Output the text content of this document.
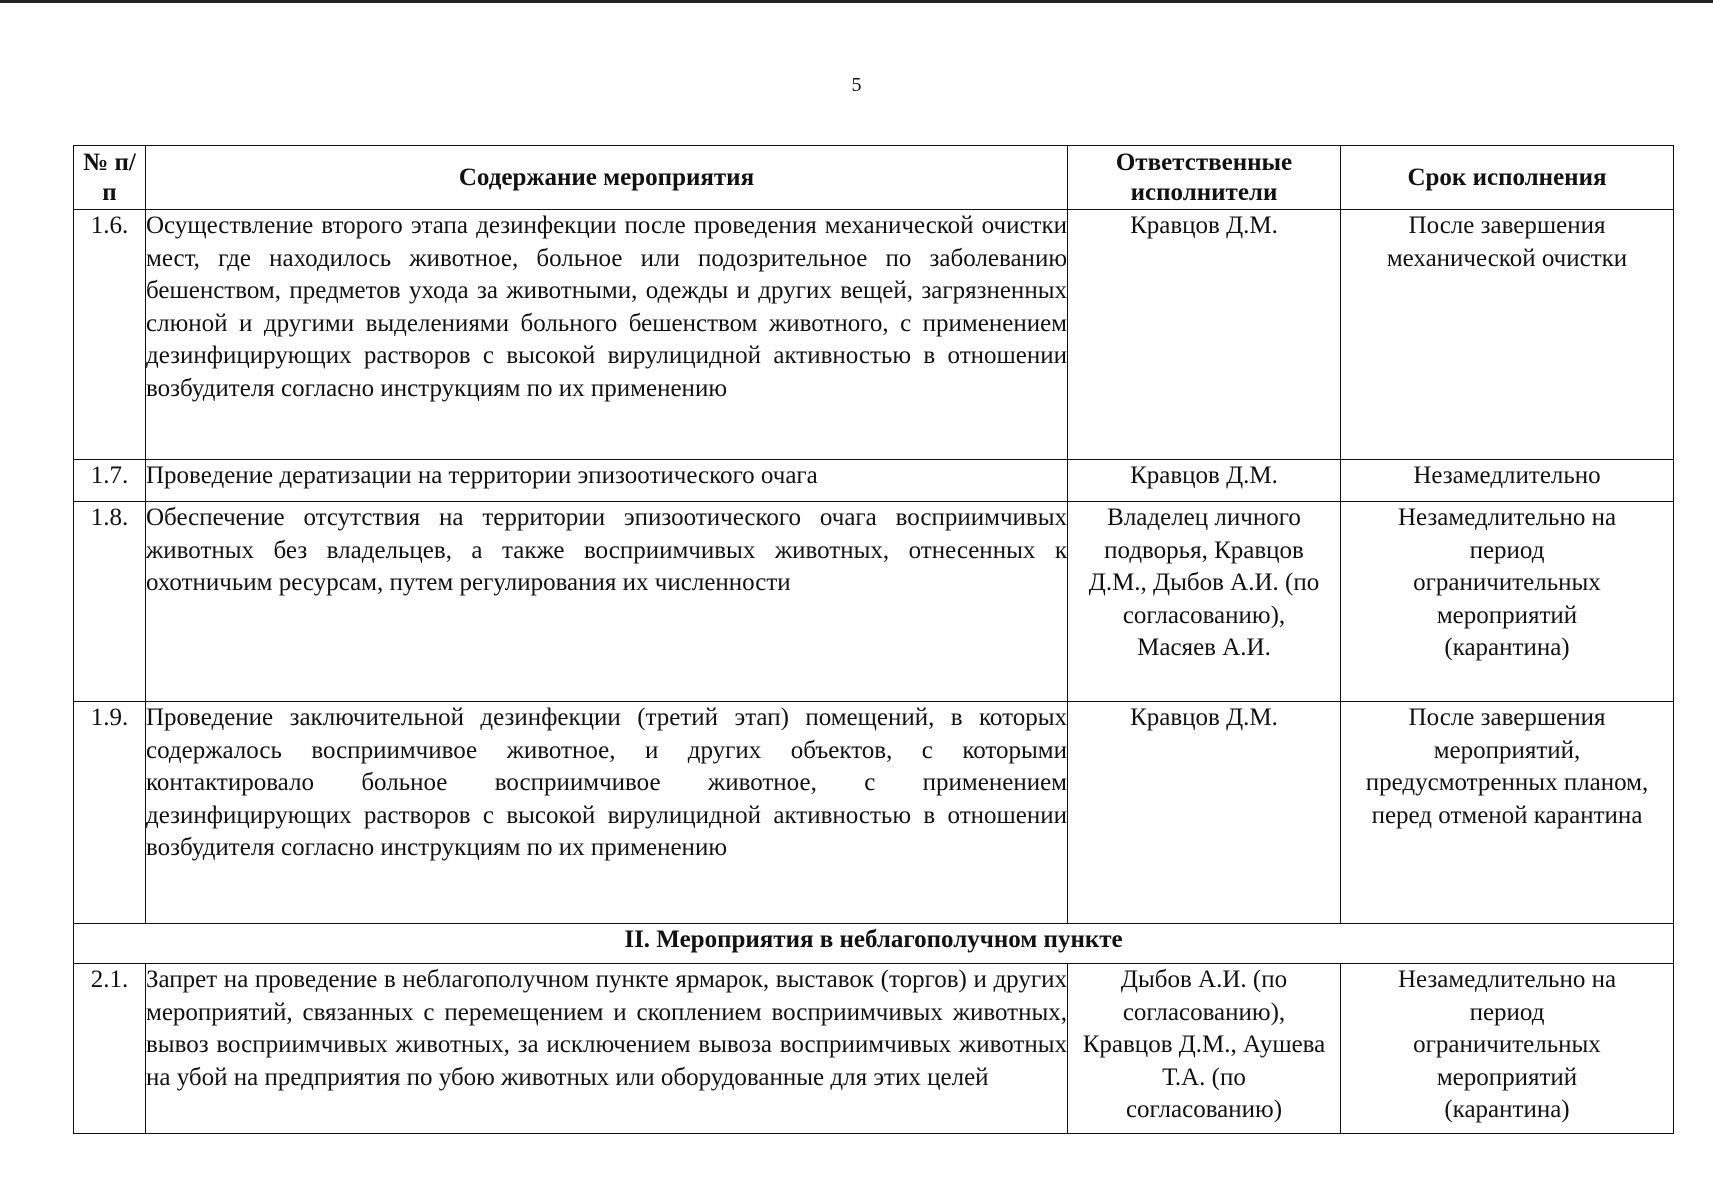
5
№ п/п	Содержание мероприятия	Ответственные исполнители	Срок исполнения
1.6.	Осуществление второго этапа дезинфекции после проведения механической очистки мест, где находилось животное, больное или подозрительное по заболеванию бешенством, предметов ухода за животными, одежды и других вещей, загрязненных слюной и другими выделениями больного бешенством животного, с применением дезинфицирующих растворов с высокой вирулицидной активностью в отношении возбудителя согласно инструкциям по их применению	Кравцов Д.М.	После завершения механической очистки
1.7.	Проведение дератизации на территории эпизоотического очага	Кравцов Д.М.	Незамедлительно
1.8.	Обеспечение отсутствия на территории эпизоотического очага восприимчивых животных без владельцев, а также восприимчивых животных, отнесенных к охотничьим ресурсам, путем регулирования их численности	Владелец личного подворья, Кравцов Д.М., Дыбов А.И. (по согласованию), Масяев А.И.	Незамедлительно на период ограничительных мероприятий (карантина)
1.9.	Проведение заключительной дезинфекции (третий этап) помещений, в которых содержалось восприимчивое животное, и других объектов, с которыми контактировало больное восприимчивое животное, с применением дезинфицирующих растворов с высокой вирулицидной активностью в отношении возбудителя согласно инструкциям по их применению	Кравцов Д.М.	После завершения мероприятий, предусмотренных планом, перед отменой карантина
II. Мероприятия в неблагополучном пункте			
2.1.	Запрет на проведение в неблагополучном пункте ярмарок, выставок (торгов) и других мероприятий, связанных с перемещением и скоплением восприимчивых животных, вывоз восприимчивых животных, за исключением вывоза восприимчивых животных на убой на предприятия по убою животных или оборудованные для этих целей	Дыбов А.И. (по согласованию), Кравцов Д.М., Аушева Т.А. (по согласованию)	Незамедлительно на период ограничительных мероприятий (карантина)
